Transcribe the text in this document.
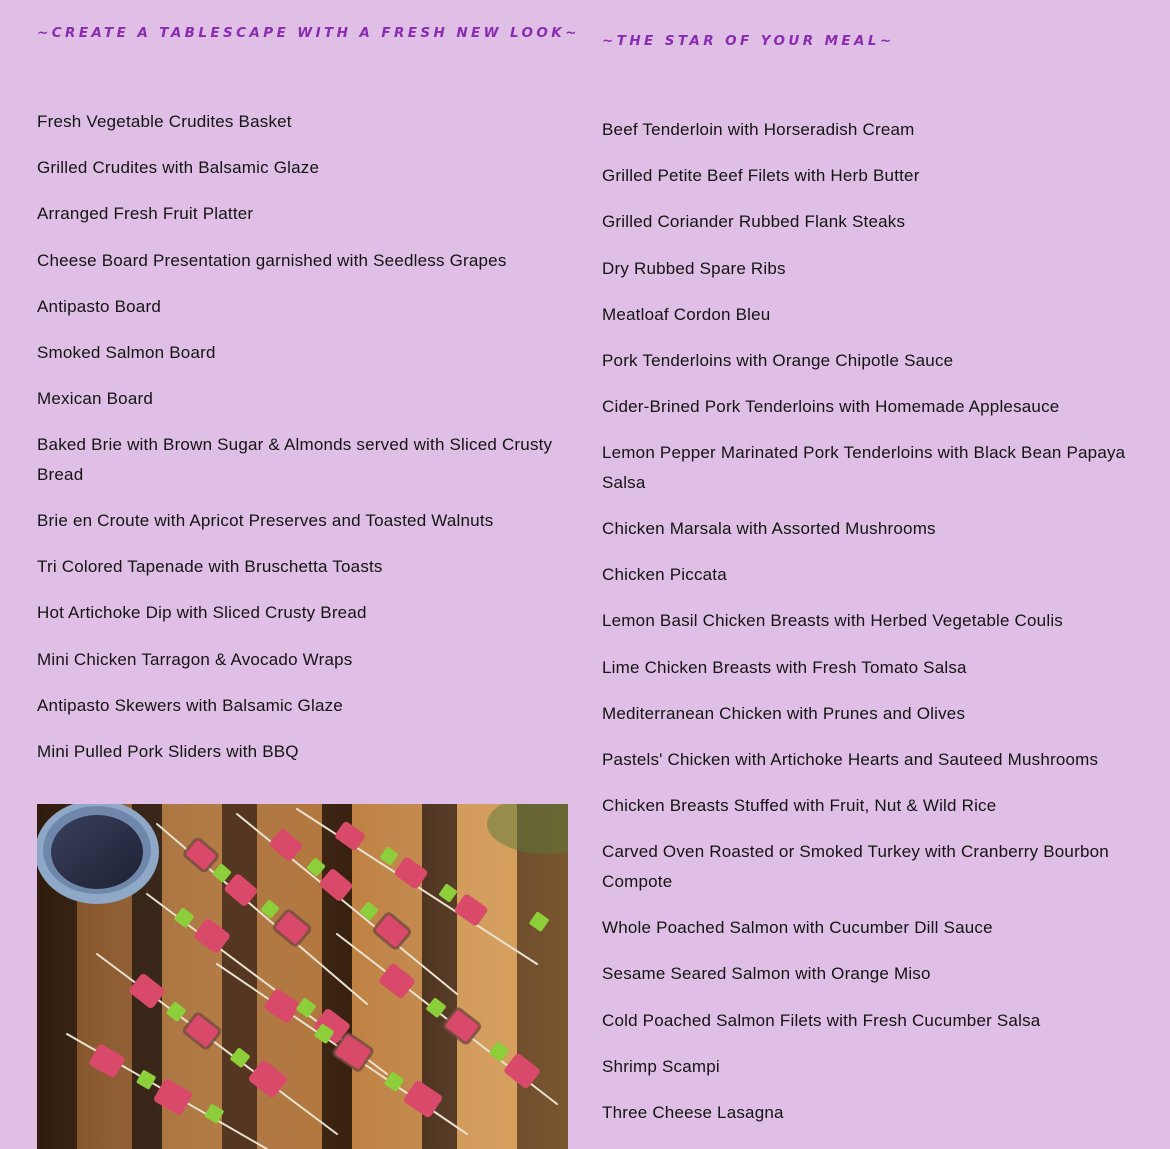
~CREATE A TABLESCAPE WITH A FRESH NEW LOOK~
Fresh Vegetable Crudites Basket
Grilled Crudites with Balsamic Glaze
Arranged Fresh Fruit Platter
Cheese Board Presentation garnished with Seedless Grapes
Antipasto Board
Smoked Salmon Board
Mexican Board
Baked Brie with Brown Sugar & Almonds served with Sliced Crusty Bread
Brie en Croute with Apricot Preserves and Toasted Walnuts
Tri Colored Tapenade with Bruschetta Toasts
Hot Artichoke Dip with Sliced Crusty Bread
Mini Chicken Tarragon & Avocado Wraps
Antipasto Skewers with Balsamic Glaze
Mini Pulled Pork Sliders with BBQ
~THE STAR OF YOUR MEAL~
Beef Tenderloin with Horseradish Cream
Grilled Petite Beef Filets with Herb Butter
Grilled Coriander Rubbed Flank Steaks
Dry Rubbed Spare Ribs
Meatloaf Cordon Bleu
Pork Tenderloins with Orange Chipotle Sauce
Cider-Brined Pork Tenderloins with Homemade Applesauce
Lemon Pepper Marinated Pork Tenderloins with Black Bean Papaya Salsa
Chicken Marsala with Assorted Mushrooms
Chicken Piccata
Lemon Basil Chicken Breasts with Herbed Vegetable Coulis
Lime Chicken Breasts with Fresh Tomato Salsa
Mediterranean Chicken with Prunes and Olives
Pastels' Chicken with Artichoke Hearts and Sauteed Mushrooms
Chicken Breasts Stuffed with Fruit, Nut & Wild Rice
Carved Oven Roasted or Smoked Turkey with Cranberry Bourbon Compote
Whole Poached Salmon with Cucumber Dill Sauce
Sesame Seared Salmon with Orange Miso
Cold Poached Salmon Filets with Fresh Cucumber Salsa
Shrimp Scampi
Three Cheese Lasagna
